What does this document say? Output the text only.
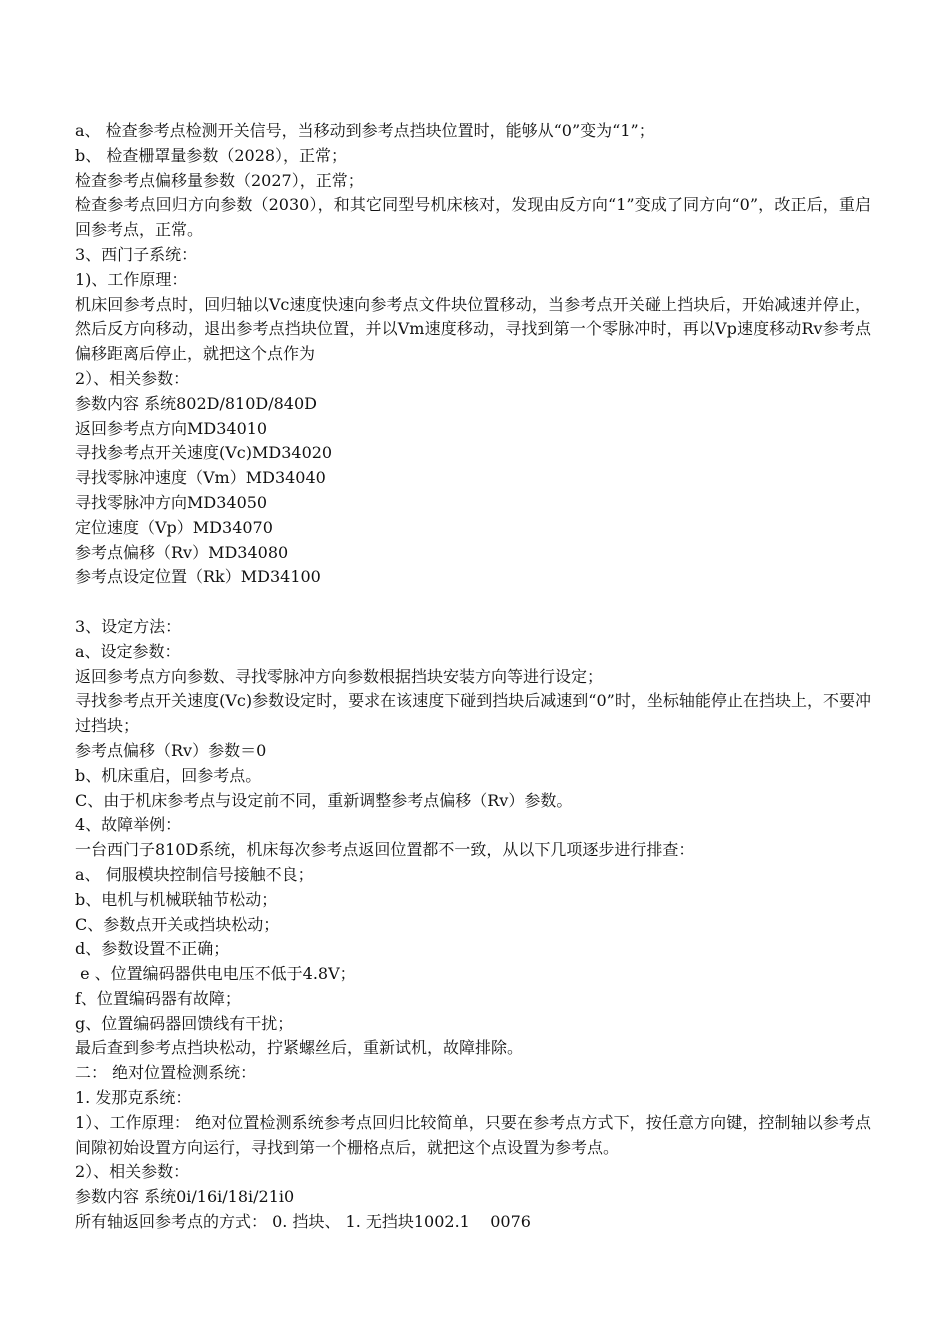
a、 检查参考点检测开关信号，当移动到参考点挡块位置时，能够从“0”变为“1”；
b、 检查栅罩量参数（2028），正常；
检查参考点偏移量参数（2027），正常；
检查参考点回归方向参数（2030），和其它同型号机床核对，发现由反方向“1”变成了同方向“0”，改正后，重启回参考点，正常。
3、西门子系统：
1)、工作原理：
机床回参考点时，回归轴以Vc速度快速向参考点文件块位置移动，当参考点开关碰上挡块后，开始减速并停止，然后反方向移动，退出参考点挡块位置，并以Vm速度移动，寻找到第一个零脉冲时，再以Vp速度移动Rv参考点偏移距离后停止，就把这个点作为
2）、相关参数：
参数内容 系统802D/810D/840D
返回参考点方向MD34010
寻找参考点开关速度(Vc)MD34020
寻找零脉冲速度（Vm）MD34040
寻找零脉冲方向MD34050
定位速度（Vp）MD34070
参考点偏移（Rv）MD34080
参考点设定位置（Rk）MD34100
3、设定方法：
a、设定参数：
返回参考点方向参数、寻找零脉冲方向参数根据挡块安装方向等进行设定；
寻找参考点开关速度(Vc)参数设定时，要求在该速度下碰到挡块后减速到“0”时，坐标轴能停止在挡块上，不要冲过挡块；
参考点偏移（Rv）参数＝0
b、机床重启，回参考点。
C、由于机床参考点与设定前不同，重新调整参考点偏移（Rv）参数。
4、故障举例：
一台西门子810D系统，机床每次参考点返回位置都不一致，从以下几项逐步进行排查：
a、 伺服模块控制信号接触不良；
b、电机与机械联轴节松动；
C、参数点开关或挡块松动；
d、参数设置不正确；
e 、位置编码器供电电压不低于4.8V；
f、位置编码器有故障；
g、位置编码器回馈线有干扰；
最后查到参考点挡块松动，拧紧螺丝后，重新试机，故障排除。
二： 绝对位置检测系统：
1. 发那克系统：
1）、工作原理： 绝对位置检测系统参考点回归比较简单，只要在参考点方式下，按任意方向键，控制轴以参考点间隙初始设置方向运行，寻找到第一个栅格点后，就把这个点设置为参考点。
2）、相关参数：
参数内容 系统0i/16i/18i/21i0
所有轴返回参考点的方式： 0. 挡块、 1. 无挡块1002.1    0076
